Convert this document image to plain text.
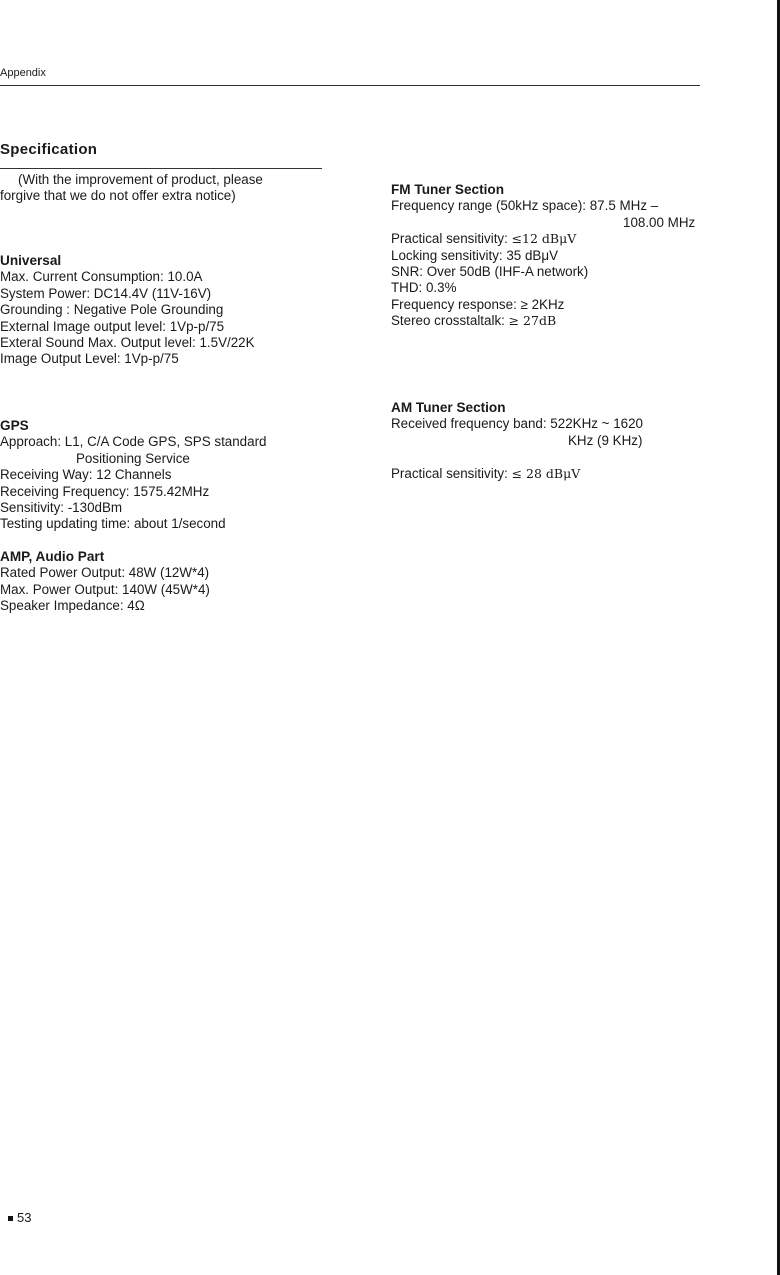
Appendix
Specification
(With the improvement of product, please
forgive that we do not offer extra notice)
Universal
Max. Current Consumption: 10.0A
System Power: DC14.4V (11V-16V)
Grounding : Negative Pole Grounding
External Image output level: 1Vp-p/75
Exteral Sound Max. Output level: 1.5V/22K
Image Output Level: 1Vp-p/75
GPS
Approach: L1, C/A Code GPS, SPS standard
Positioning Service
Receiving Way: 12 Channels
Receiving Frequency: 1575.42MHz
Sensitivity: -130dBm
Testing updating time: about 1/second
AMP, Audio Part
Rated Power Output: 48W (12W*4)
Max. Power Output: 140W (45W*4)
Speaker Impedance: 4Ω
FM Tuner Section
Frequency range (50kHz space): 87.5 MHz –
108.00 MHz
Practical sensitivity: ≤12 dBμV
Locking sensitivity: 35 dBμV
SNR: Over 50dB (IHF-A network)
THD: 0.3%
Frequency response: ≥ 2KHz
Stereo crosstaltalk: ≥ 27dB
AM Tuner Section
Received frequency band: 522KHz ~ 1620
KHz (9 KHz)
Practical sensitivity: ≤ 28 dBμV
53
